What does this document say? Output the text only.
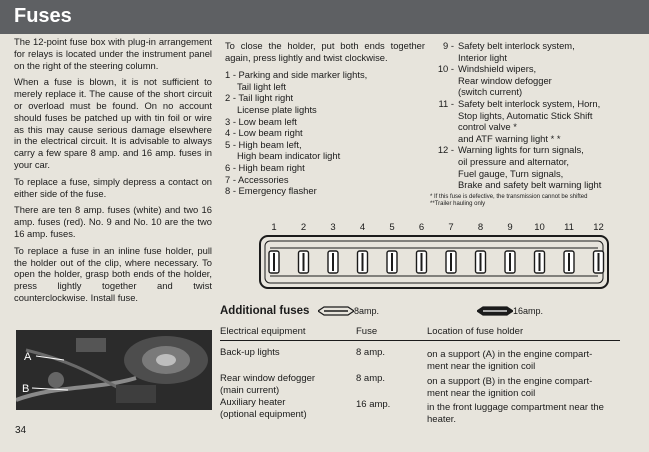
Fuses

The 12-point fuse box with plug-in arrangement for relays is located under the instrument panel on the right of the steering column.

When a fuse is blown, it is not sufficient to merely replace it. The cause of the short circuit or overload must be found. On no account should fuses be patched up with tin foil or wire as this may cause serious damage elsewhere in the electrical circuit. It is advisable to always carry a few spare 8 amp. and 16 amp. fuses in your car.

To replace a fuse, simply depress a contact on either side of the fuse.

There are ten 8 amp. fuses (white) and two 16 amp. fuses (red). No. 9 and No. 10 are the two 16 amp. fuses.

To replace a fuse in an inline fuse holder, pull the holder out of the clip, where necessary. To open the holder, grasp both ends of the holder, press lightly together and twist counterclockwise. Install fuse.

A
B
34

To close the holder, put both ends together again, press lightly and twist clockwise.

1 - Parking and side marker lights,
Tail light left
2 - Tail light right
License plate lights
3 - Low beam left
4 - Low beam right
5 - High beam left,
High beam indicator light
6 - High beam right
7 - Accessories
8 - Emergency flasher
9 - Safety belt interlock system,
Interior light
10 - Windshield wipers,
Rear window defogger
(switch current)
11 - Safety belt interlock system, Horn,
Stop lights, Automatic Stick Shift
control valve *
and ATF warning light * *
12 - Warning lights for turn signals,
oil pressure and alternator,
Fuel gauge, Turn signals,
Brake and safety belt warning light
* If this fuse is defective, the transmission cannot be shifted
**Trailer hauling only
1	2	3	4	5	6	7	8	9 10 11 12
Additional fuses	8amp.	16amp.
Electrical equipment	Fuse	Location of fuse holder
Back-up lights	8 amp.	on a support (A) in the engine compart-
ment near the ignition coil
Rear window defogger
(main current)
8 amp.	on a support (B) in the engine compart-
ment near the ignition coil
Auxiliary heater
(optional equipment)
16 amp.	in the front luggage compartment near the
heater.
